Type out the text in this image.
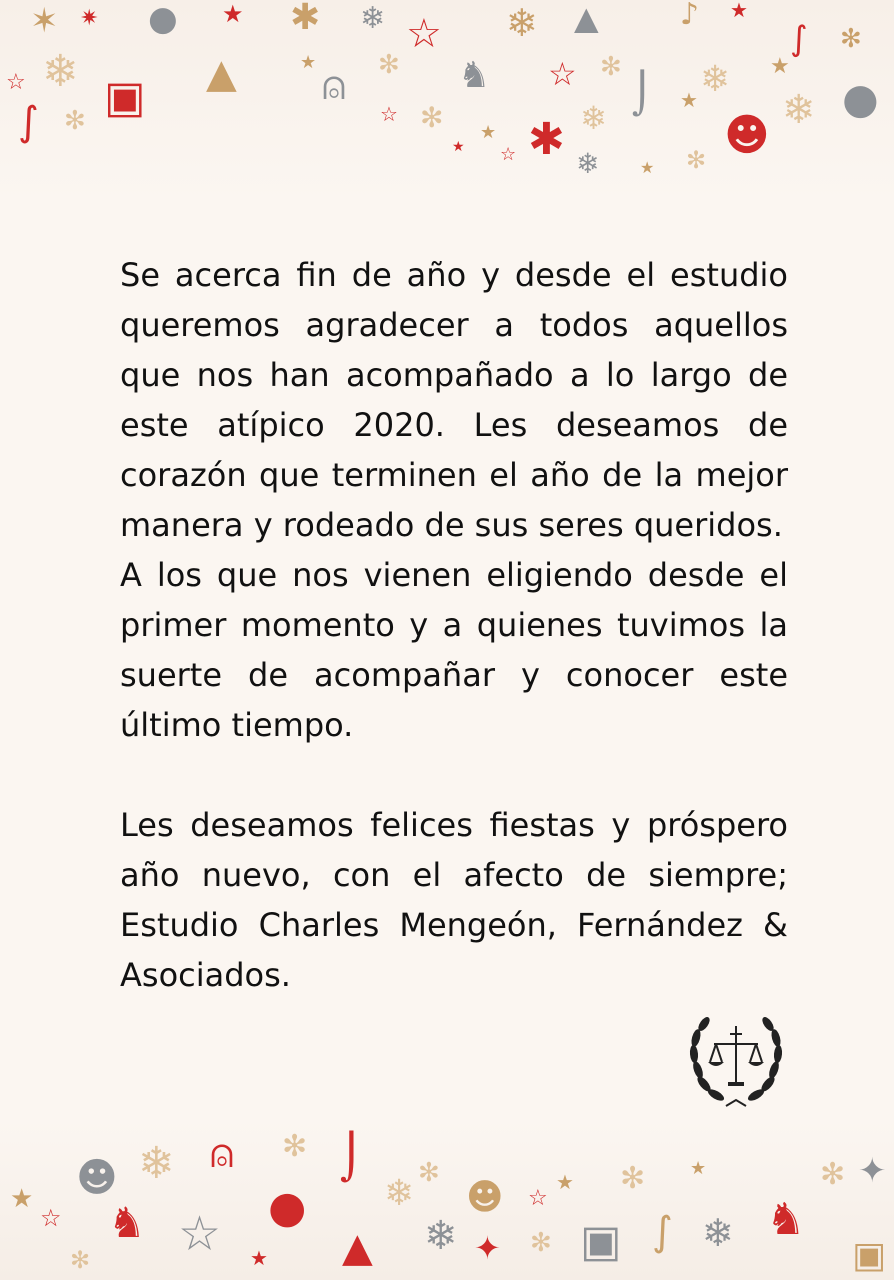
✶ ✷ ● ★ ✱ ❄ ☆ ❄ ▲	♪ ★
∫ ✻
☆ ❄
▣ ▲ ⍝
★ ✻ ♞ ☆ ✻
⌡ ★ ❄ ★
●
∫ ✻	☆ ✻ ★ ✱ ❄
✻ ☻ ❄
★	❄	★
☆

Se acerca fin de año y desde el estudio queremos agradecer a todos aquellos que nos han acompañado a lo largo de este atípico 2020. Les deseamos de corazón que terminen el año de la mejor manera y rodeado de sus seres queridos.

A los que nos vienen eligiendo desde el primer momento y a quienes tuvimos la suerte de acompañar y conocer este último tiempo.

Les deseamos felices fiestas y próspero año nuevo, con el afecto de siempre; Estudio Charles Mengeón, Fernández & Asociados.

☻ ❄ ⍝ ✻ ⌡
★
☆ ♞ ☆ ● ❄ ✻
☻ ☆
★ ✻ ★	✻ ✦
▲ ❄ ✦ ✻ ▣ ∫ ❄ ♞
▣
★
✻
